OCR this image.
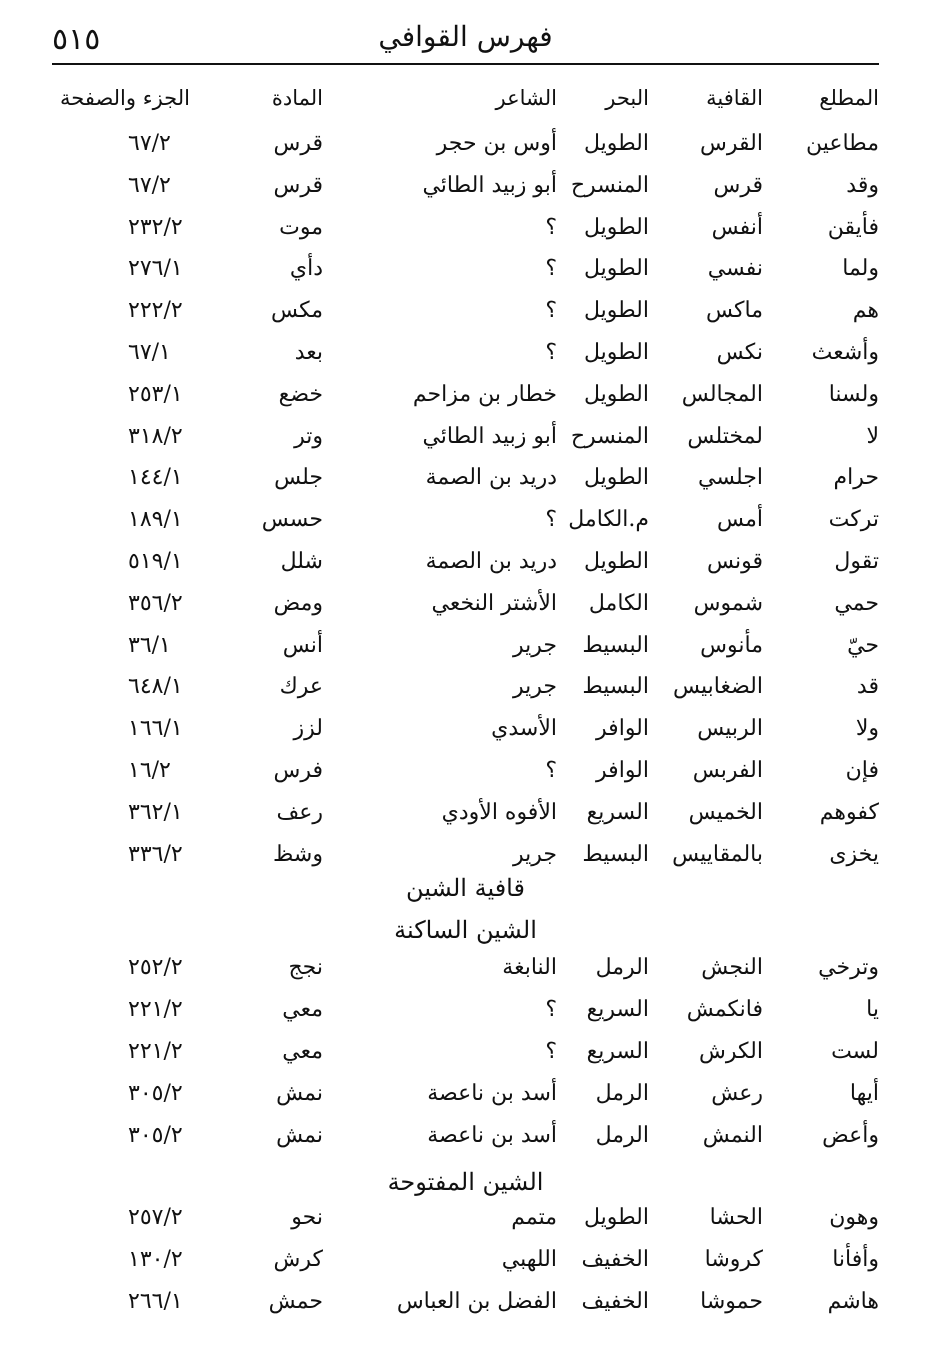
٥١٥	فهرس القوافي
المطلع
القافية
البحر
الشاعر
المادة
الجزء والصفحة
مطاعين
القرس
الطويل
أوس بن حجر
قرس
٦٧/٢
وقد
قرس
المنسرح
أبو زبيد الطائي
قرس
٦٧/٢
فأيقن
أنفس
الطويل
؟
موت
٢٣٢/٢
ولما
نفسي
الطويل
؟
دأي
٢٧٦/١
هم
ماكس
الطويل
؟
مكس
٢٢٢/٢
وأشعث
نكس
الطويل
؟
بعد
٦٧/١
ولسنا
المجالس
الطويل
خطار بن مزاحم
خضع
٢٥٣/١
لا
لمختلس
المنسرح
أبو زبيد الطائي
وتر
٣١٨/٢
حرام
اجلسي
الطويل
دريد بن الصمة
جلس
١٤٤/١
تركت
أمس
م.الكامل
؟
حسس
١٨٩/١
تقول
قونس
الطويل
دريد بن الصمة
شلل
٥١٩/١
حمي
شموس
الكامل
الأشتر النخعي
ومض
٣٥٦/٢
حيّ
مأنوس
البسيط
جرير
أنس
٣٦/١
قد
الضغابيس
البسيط
جرير
عرك
٦٤٨/١
ولا
الربيس
الوافر
الأسدي
لزز
١٦٦/١
فإن
الفربس
الوافر
؟
فرس
١٦/٢
كفوهم
الخميس
السريع
الأفوه الأودي
رعف
٣٦٢/١
يخزى
بالمقاييس
البسيط
جرير
وشظ
٣٣٦/٢
قافية الشين
الشين الساكنة
وترخي
النجش
الرمل
النابغة
نجج
٢٥٢/٢
يا
فانكمش
السريع
؟
معي
٢٢١/٢
لست
الكرش
السريع
؟
معي
٢٢١/٢
أيها
رعش
الرمل
أسد بن ناعصة
نمش
٣٠٥/٢
وأعض
النمش
الرمل
أسد بن ناعصة
نمش
٣٠٥/٢
الشين المفتوحة
وهون
الحشا
الطويل
متمم
نحو
٢٥٧/٢
وأفأنا
كروشا
الخفيف
اللهبي
كرش
١٣٠/٢
هاشم
حموشا
الخفيف
الفضل بن العباس
حمش
٢٦٦/١
